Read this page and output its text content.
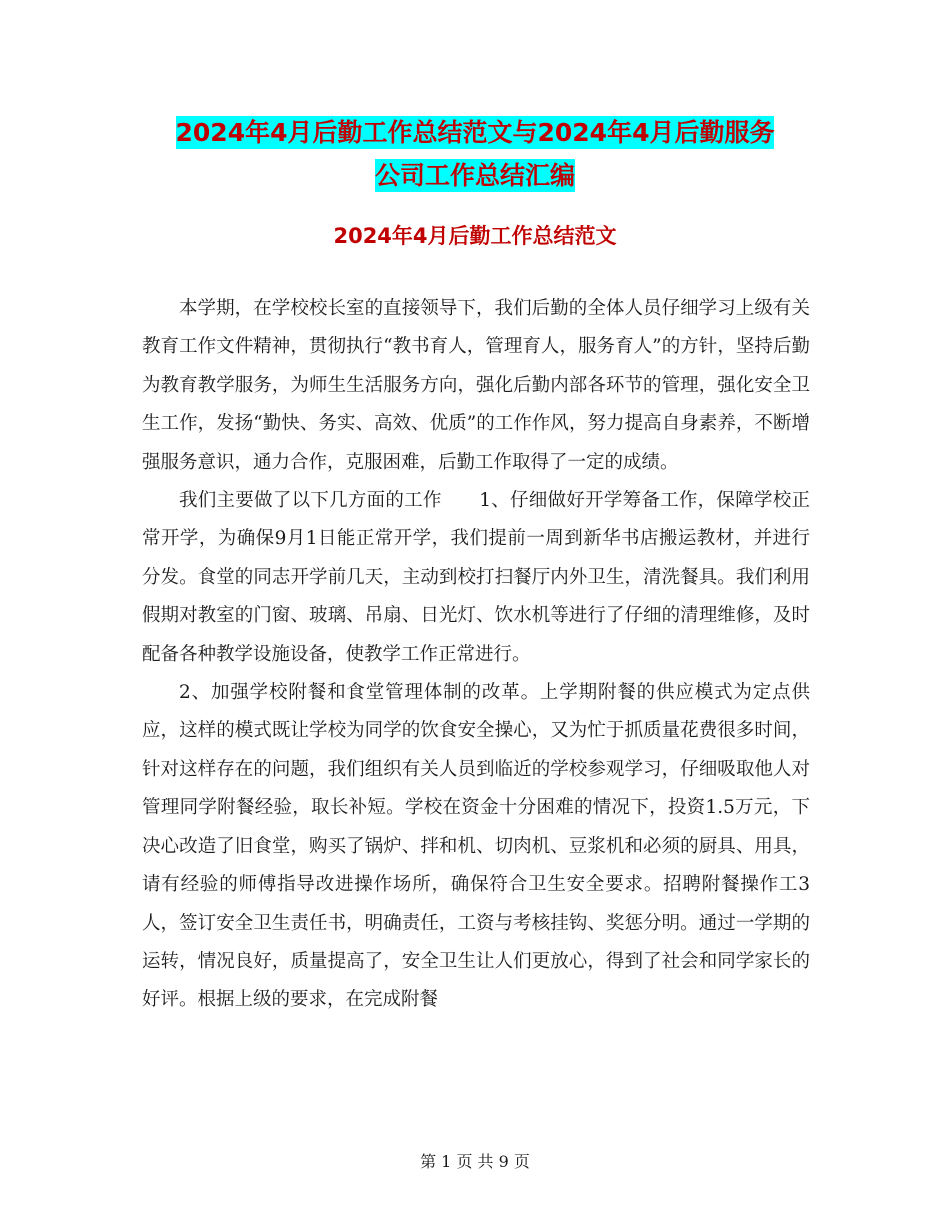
2024年4月后勤工作总结范文与2024年4月后勤服务
公司工作总结汇编
2024年4月后勤工作总结范文

本学期，在学校校长室的直接领导下，我们后勤的全体人员仔细学习上级有关教育工作文件精神，贯彻执行“教书育人，管理育人，服务育人”的方针，坚持后勤为教育教学服务，为师生生活服务方向，强化后勤内部各环节的管理，强化安全卫生工作，发扬“勤快、务实、高效、优质”的工作作风，努力提高自身素养，不断增强服务意识，通力合作，克服困难，后勤工作取得了一定的成绩。

我们主要做了以下几方面的工作　　1、仔细做好开学筹备工作，保障学校正常开学，为确保9月1日能正常开学，我们提前一周到新华书店搬运教材，并进行分发。食堂的同志开学前几天，主动到校打扫餐厅内外卫生，清洗餐具。我们利用假期对教室的门窗、玻璃、吊扇、日光灯、饮水机等进行了仔细的清理维修，及时配备各种教学设施设备，使教学工作正常进行。

2、加强学校附餐和食堂管理体制的改革。上学期附餐的供应模式为定点供应，这样的模式既让学校为同学的饮食安全操心，又为忙于抓质量花费很多时间，针对这样存在的问题，我们组织有关人员到临近的学校参观学习，仔细吸取他人对管理同学附餐经验，取长补短。学校在资金十分困难的情况下，投资1.5万元，下决心改造了旧食堂，购买了锅炉、拌和机、切肉机、豆浆机和必须的厨具、用具，请有经验的师傅指导改进操作场所，确保符合卫生安全要求。招聘附餐操作工3人，签订安全卫生责任书，明确责任，工资与考核挂钩、奖惩分明。通过一学期的运转，情况良好，质量提高了，安全卫生让人们更放心，得到了社会和同学家长的好评。根据上级的要求，在完成附餐

第 1 页 共 9 页
